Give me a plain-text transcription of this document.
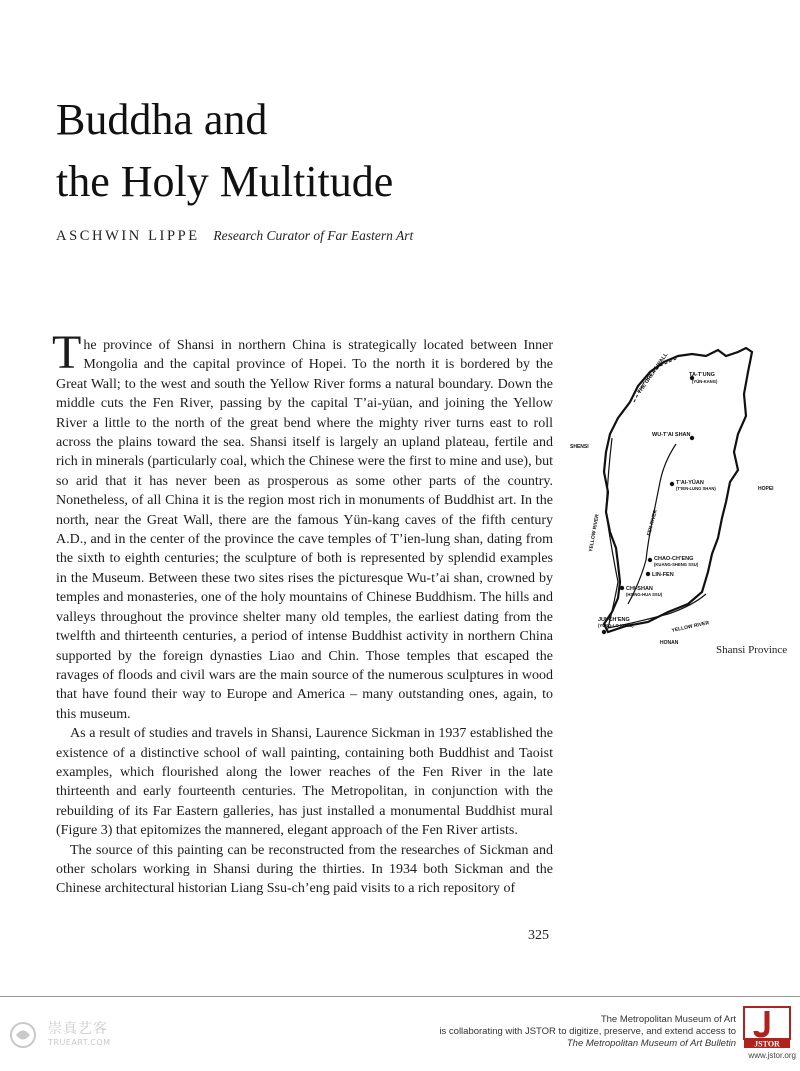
Buddha and
the Holy Multitude
ASCHWIN LIPPE Research Curator of Far Eastern Art

The province of Shansi in northern China is strategically located between Inner Mongolia and the capital province of Hopei. To the north it is bordered by the Great Wall; to the west and south the Yellow River forms a natural boundary. Down the middle cuts the Fen River, passing by the capital T’ai-yüan, and joining the Yellow River a little to the north of the great bend where the mighty river turns east to roll across the plains toward the sea. Shansi itself is largely an upland plateau, fertile and rich in minerals (particularly coal, which the Chinese were the first to mine and use), but so arid that it has never been as prosperous as some other parts of the country. Nonetheless, of all China it is the region most rich in monuments of Buddhist art. In the north, near the Great Wall, there are the famous Yün-kang caves of the fifth century A.D., and in the center of the province the cave temples of T’ien-lung shan, dating from the sixth to eighth centuries; the sculpture of both is represented by splendid examples in the Museum. Between these two sites rises the picturesque Wu-t’ai shan, crowned by temples and monasteries, one of the holy mountains of Chinese Buddhism. The hills and valleys throughout the province shelter many old temples, the earliest dating from the twelfth and thirteenth centuries, a period of intense Buddhist activity in northern China supported by the foreign dynasties Liao and Chin. Those temples that escaped the ravages of floods and civil wars are the main source of the numerous sculptures in wood that have found their way to Europe and America – many outstanding ones, again, to this museum.

As a result of studies and travels in Shansi, Laurence Sickman in 1937 established the existence of a distinctive school of wall painting, containing both Buddhist and Taoist examples, which flourished along the lower reaches of the Fen River in the late thirteenth and early fourteenth centuries. The Metropolitan, in conjunction with the rebuilding of its Far Eastern galleries, has just installed a monumental Buddhist mural (Figure 3) that epitomizes the mannered, elegant approach of the Fen River artists.

The source of this painting can be reconstructed from the researches of Sickman and other scholars working in Shansi during the thirties. In 1934 both Sickman and the Chinese architectural historian Liang Ssu-ch’eng paid visits to a rich repository of

THE GREAT WALL
SHENSI
HOPEI
HONAN
YELLOW RIVER
YELLOW RIVER
FEN RIVER
TA-T’UNG
(YÜN-KANG)
WU-T’AI SHAN
T’AI-YÜAN
(T’IEN-LUNG SHAN)
CHAO-CH’ENG
(KUANG-SHENG SSU)
LIN-FEN
CHI-SHAN
(HSING-HUA SSU)
JUI-CH’ENG
(YUNG-LO KUNG)
Shansi Province
325
崇真艺客
TRUEART.COM
The Metropolitan Museum of Art
is collaborating with JSTOR to digitize, preserve, and extend access to
The Metropolitan Museum of Art Bulletin JSTOR
www.jstor.org
